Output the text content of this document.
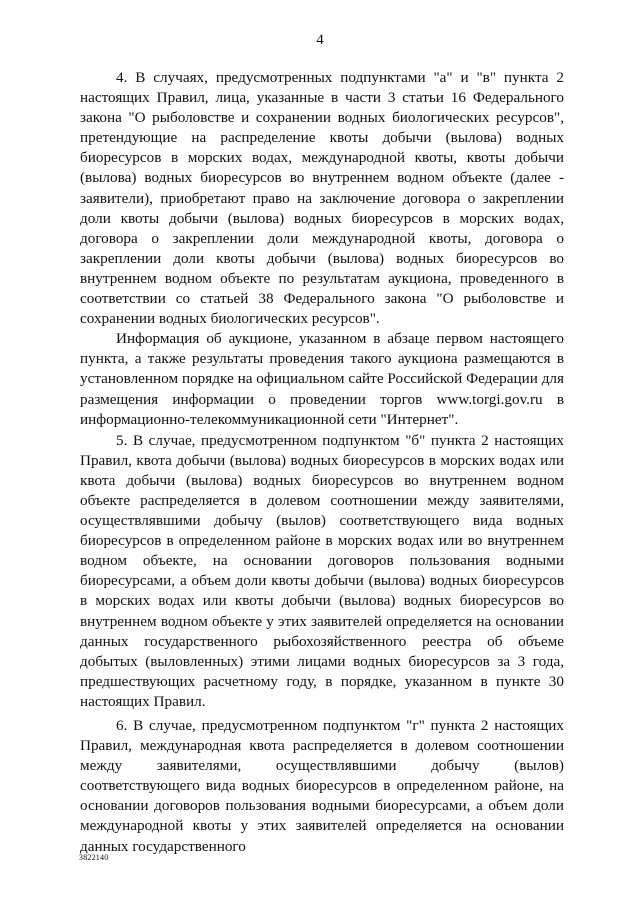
4

4. В случаях, предусмотренных подпунктами "а" и "в" пункта 2 настоящих Правил, лица, указанные в части 3 статьи 16 Федерального закона "О рыболовстве и сохранении водных биологических ресурсов", претендующие на распределение квоты добычи (вылова) водных биоресурсов в морских водах, международной квоты, квоты добычи (вылова) водных биоресурсов во внутреннем водном объекте (далее - заявители), приобретают право на заключение договора о закреплении доли квоты добычи (вылова) водных биоресурсов в морских водах, договора о закреплении доли международной квоты, договора о закреплении доли квоты добычи (вылова) водных биоресурсов во внутреннем водном объекте по результатам аукциона, проведенного в соответствии со статьей 38 Федерального закона "О рыболовстве и сохранении водных биологических ресурсов".

Информация об аукционе, указанном в абзаце первом настоящего пункта, а также результаты проведения такого аукциона размещаются в установленном порядке на официальном сайте Российской Федерации для размещения информации о проведении торгов www.torgi.gov.ru в информационно-телекоммуникационной сети "Интернет".

5. В случае, предусмотренном подпунктом "б" пункта 2 настоящих Правил, квота добычи (вылова) водных биоресурсов в морских водах или квота добычи (вылова) водных биоресурсов во внутреннем водном объекте распределяется в долевом соотношении между заявителями, осуществлявшими добычу (вылов) соответствующего вида водных биоресурсов в определенном районе в морских водах или во внутреннем водном объекте, на основании договоров пользования водными биоресурсами, а объем доли квоты добычи (вылова) водных биоресурсов в морских водах или квоты добычи (вылова) водных биоресурсов во внутреннем водном объекте у этих заявителей определяется на основании данных государственного рыбохозяйственного реестра об объеме добытых (выловленных) этими лицами водных биоресурсов за 3 года, предшествующих расчетному году, в порядке, указанном в пункте 30 настоящих Правил.

6. В случае, предусмотренном подпунктом "г" пункта 2 настоящих Правил, международная квота распределяется в долевом соотношении между заявителями, осуществлявшими добычу (вылов) соответствующего вида водных биоресурсов в определенном районе, на основании договоров пользования водными биоресурсами, а объем доли международной квоты у этих заявителей определяется на основании данных государственного

3822140
